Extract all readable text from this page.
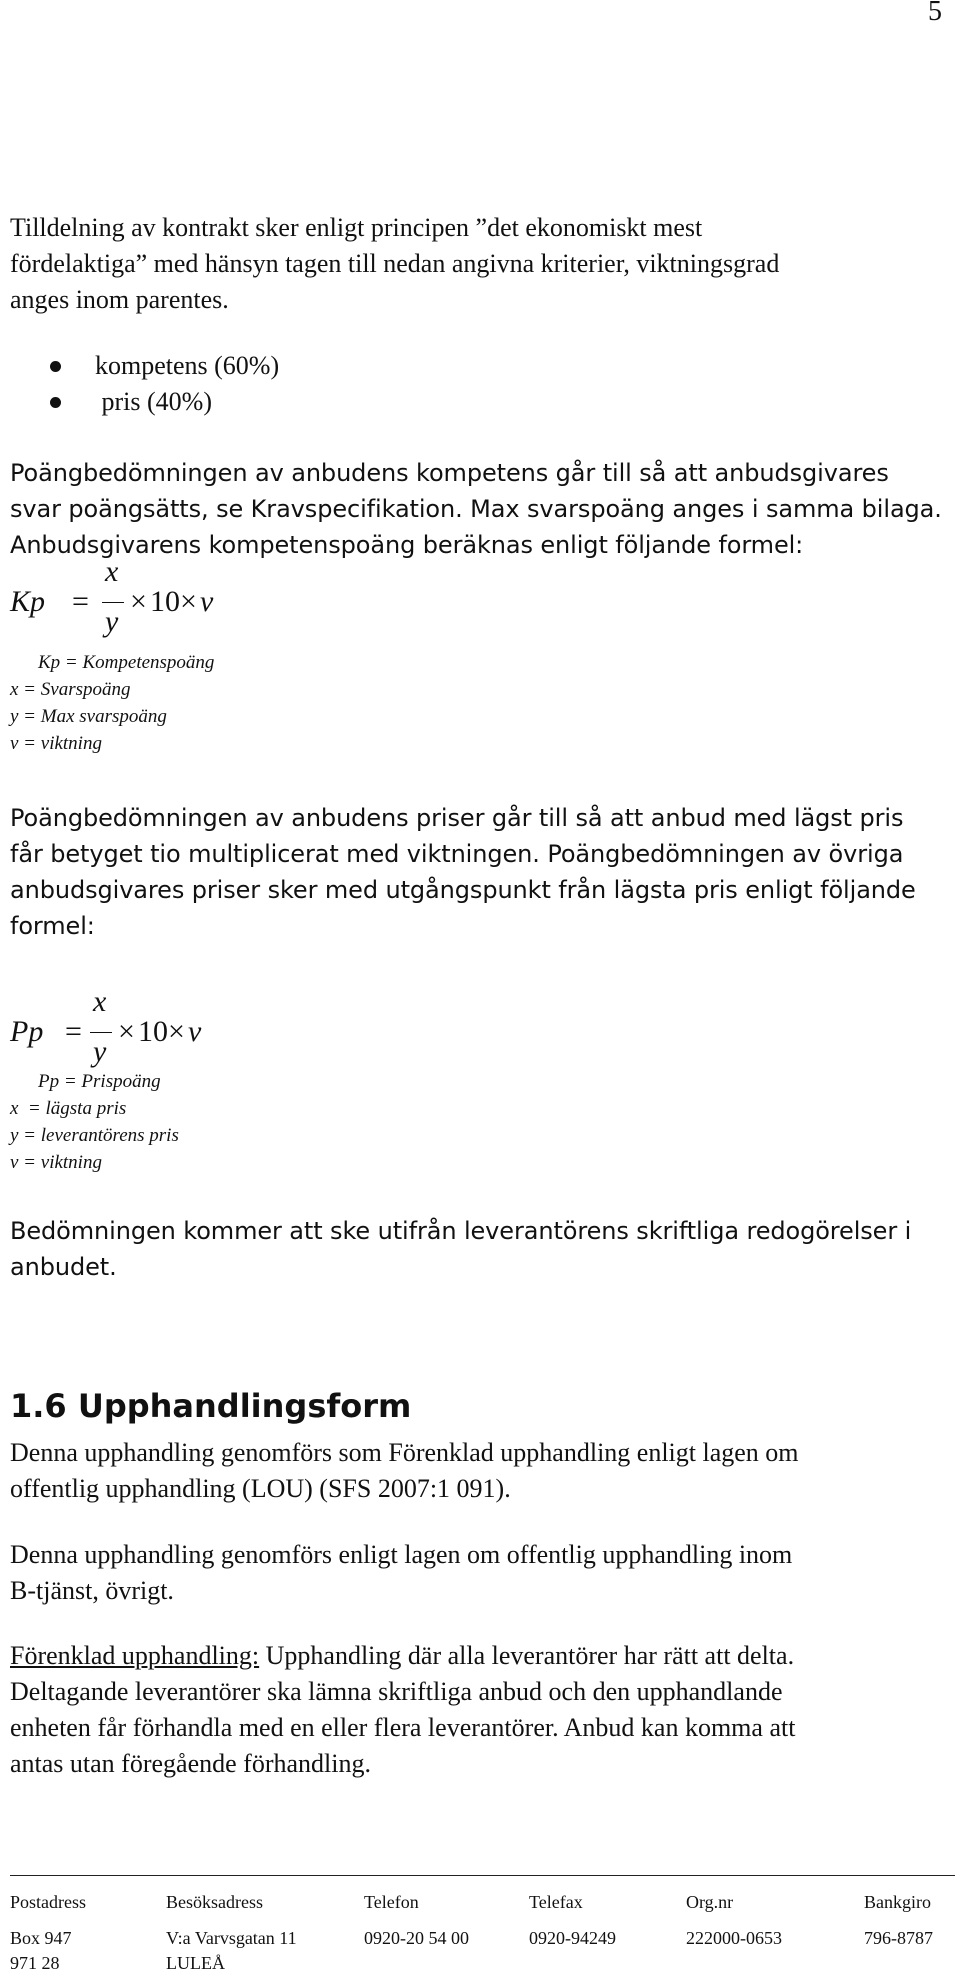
5
Tilldelning av kontrakt sker enligt principen ”det ekonomiskt mest
fördelaktiga” med hänsyn tagen till nedan angivna kriterier, viktningsgrad
anges inom parentes.
kompetens (60%)
pris (40%)
Poängbedömningen av anbudens kompetens går till så att anbudsgivares
svar poängsätts, se Kravspecifikation. Max svarspoäng anges i samma bilaga.
Anbudsgivarens kompetenspoäng beräknas enligt följande formel:
Kp =
x
y
× 10 × v
Kp = Kompetenspoäng
x = Svarspoäng
y = Max svarspoäng
v = viktning
Poängbedömningen av anbudens priser går till så att anbud med lägst pris
får betyget tio multiplicerat med viktningen. Poängbedömningen av övriga
anbudsgivares priser sker med utgångspunkt från lägsta pris enligt följande
formel:
Pp =
x
y
× 10 × v
Pp = Prispoäng
x  = lägsta pris
y = leverantörens pris
v = viktning
Bedömningen kommer att ske utifrån leverantörens skriftliga redogörelser i
anbudet.
1.6 Upphandlingsform
Denna upphandling genomförs som Förenklad upphandling enligt lagen om
offentlig upphandling (LOU) (SFS 2007:1 091).
Denna upphandling genomförs enligt lagen om offentlig upphandling inom
B-tjänst, övrigt.
Förenklad upphandling: Upphandling där alla leverantörer har rätt att delta.
Deltagande leverantörer ska lämna skriftliga anbud och den upphandlande
enheten får förhandla med en eller flera leverantörer. Anbud kan komma att
antas utan föregående förhandling.
Postadress	Besöksadress	Telefon	Telefax	Org.nr	Bankgiro
Box 947	V:a Varvsgatan 11	0920-20 54 00	0920-94249	222000-0653	796-8787
971 28	LULEÅ
